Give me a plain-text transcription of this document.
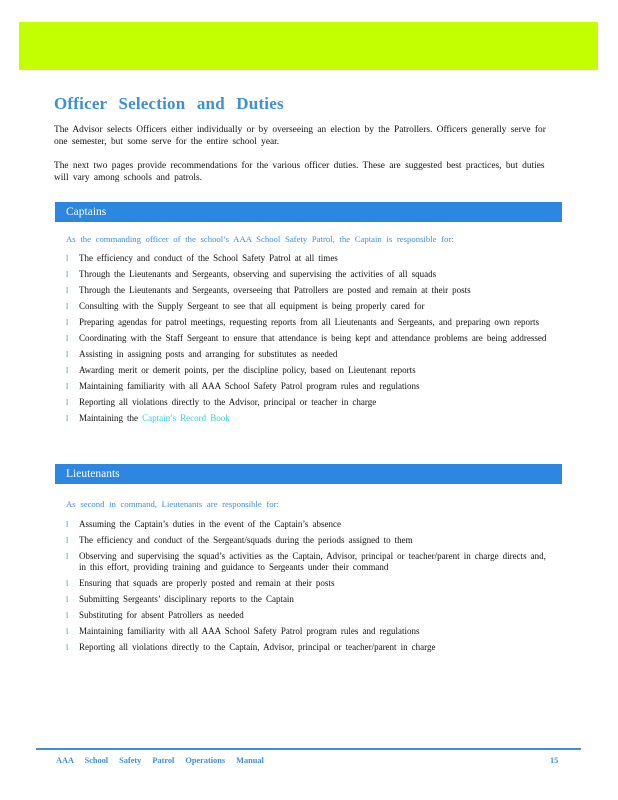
Officer Selection and Duties

The Advisor selects Officers either individually or by overseeing an election by the Patrollers. Officers generally serve for one semester, but some serve for the entire school year.

The next two pages provide recommendations for the various officer duties. These are suggested best practices, but duties will vary among schools and patrols.

Captains

As the commanding officer of the school’s AAA School Safety Patrol, the Captain is responsible for:

l The efficiency and conduct of the School Safety Patrol at all times
l Through the Lieutenants and Sergeants, observing and supervising the activities of all squads
l Through the Lieutenants and Sergeants, overseeing that Patrollers are posted and remain at their posts
l Consulting with the Supply Sergeant to see that all equipment is being properly cared for
l Preparing agendas for patrol meetings, requesting reports from all Lieutenants and Sergeants, and preparing own reports
l Coordinating with the Staff Sergeant to ensure that attendance is being kept and attendance problems are being addressed
l Assisting in assigning posts and arranging for substitutes as needed
l Awarding merit or demerit points, per the discipline policy, based on Lieutenant reports
l Maintaining familiarity with all AAA School Safety Patrol program rules and regulations
l Reporting all violations directly to the Advisor, principal or teacher in charge
l Maintaining the Captain’s Record Book
Lieutenants

As second in command, Lieutenants are responsible for:

l Assuming the Captain’s duties in the event of the Captain’s absence
l The efficiency and conduct of the Sergeant/squads during the periods assigned to them
l Observing and supervising the squad’s activities as the Captain, Advisor, principal or teacher/parent in charge directs and, in this effort, providing training and guidance to Sergeants under their command
l Ensuring that squads are properly posted and remain at their posts
l Submitting Sergeants’ disciplinary reports to the Captain
l Substituting for absent Patrollers as needed
l Maintaining familiarity with all AAA School Safety Patrol program rules and regulations
l Reporting all violations directly to the Captain, Advisor, principal or teacher/parent in charge
AAA School Safety Patrol Operations Manual	15
